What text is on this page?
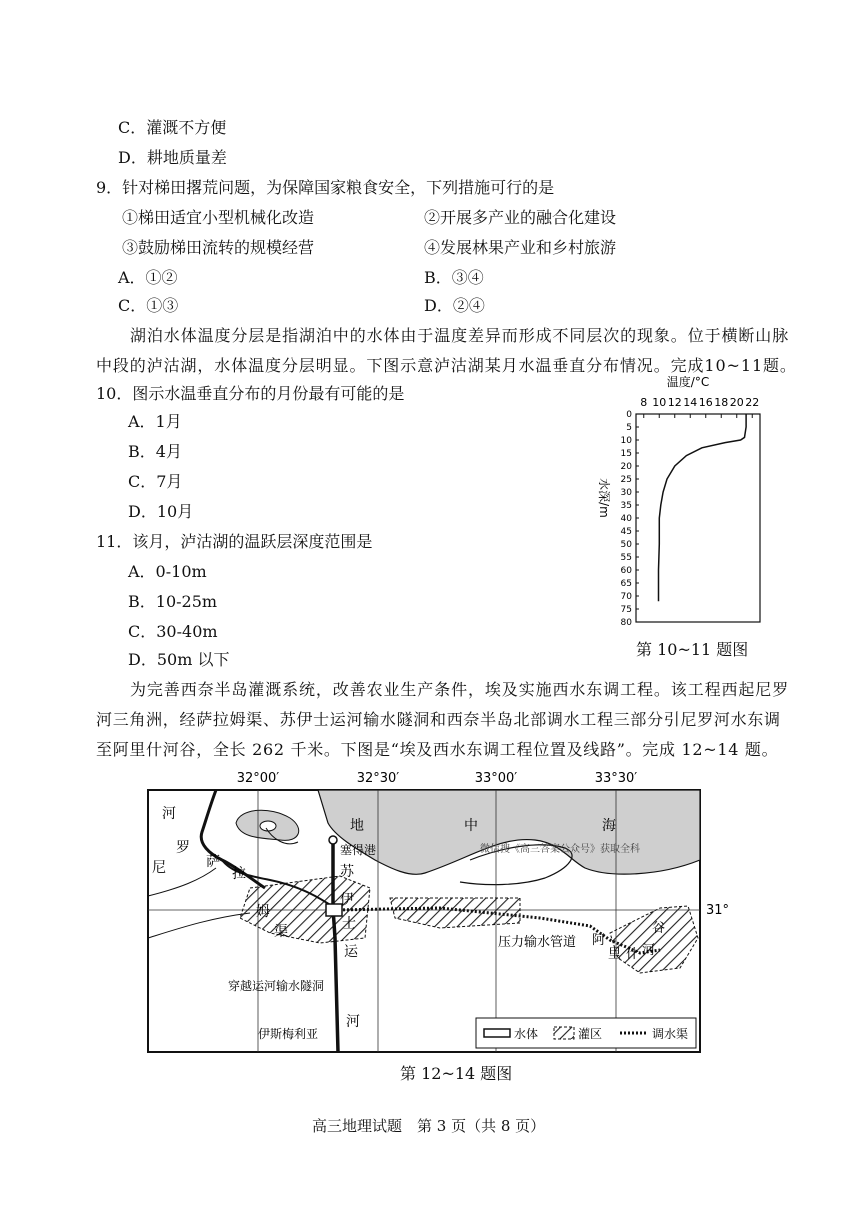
C．灌溉不方便
D．耕地质量差
9．针对梯田撂荒问题，为保障国家粮食安全，下列措施可行的是
①梯田适宜小型机械化改造	②开展多产业的融合化建设
③鼓励梯田流转的规模经营	④发展林果产业和乡村旅游
A．①②	B．③④
C．①③	D．②④
湖泊水体温度分层是指湖泊中的水体由于温度差异而形成不同层次的现象。位于横断山脉
中段的泸沽湖，水体温度分层明显。下图示意泸沽湖某月水温垂直分布情况。完成10~11题。
10．图示水温垂直分布的月份最有可能的是
A．1月
B．4月
C．7月
D．10月
11．该月，泸沽湖的温跃层深度范围是
A．0-10m
B．10-25m
C．30-40m
D．50m 以下
温度/°C
8 10 12 14 16 18 20 22
0
5
10
15
20
25
30
35
40
45
50
55
60
65
70
75
80
水深/m
第 10~11 题图
为完善西奈半岛灌溉系统，改善农业生产条件，埃及实施西水东调工程。该工程西起尼罗
河三角洲，经萨拉姆渠、苏伊士运河输水隧洞和西奈半岛北部调水工程三部分引尼罗河水东调
至阿里什河谷，全长 262 千米。下图是“埃及西水东调工程位置及线路”。完成 12~14 题。
32°00′	32°30′	33°00′	33°30′
31°
地	中	海
塞得港	微信搜《高三答案公众号》获取全科
河
罗
尼	萨
拉
姆
渠
苏
伊
士
运
河
压力输水管道 阿
里 什 河
谷
穿越运河输水隧洞
伊斯梅利亚	水体	灌区	调水渠
第 12~14 题图
高三地理试题　第 3 页（共 8 页）
